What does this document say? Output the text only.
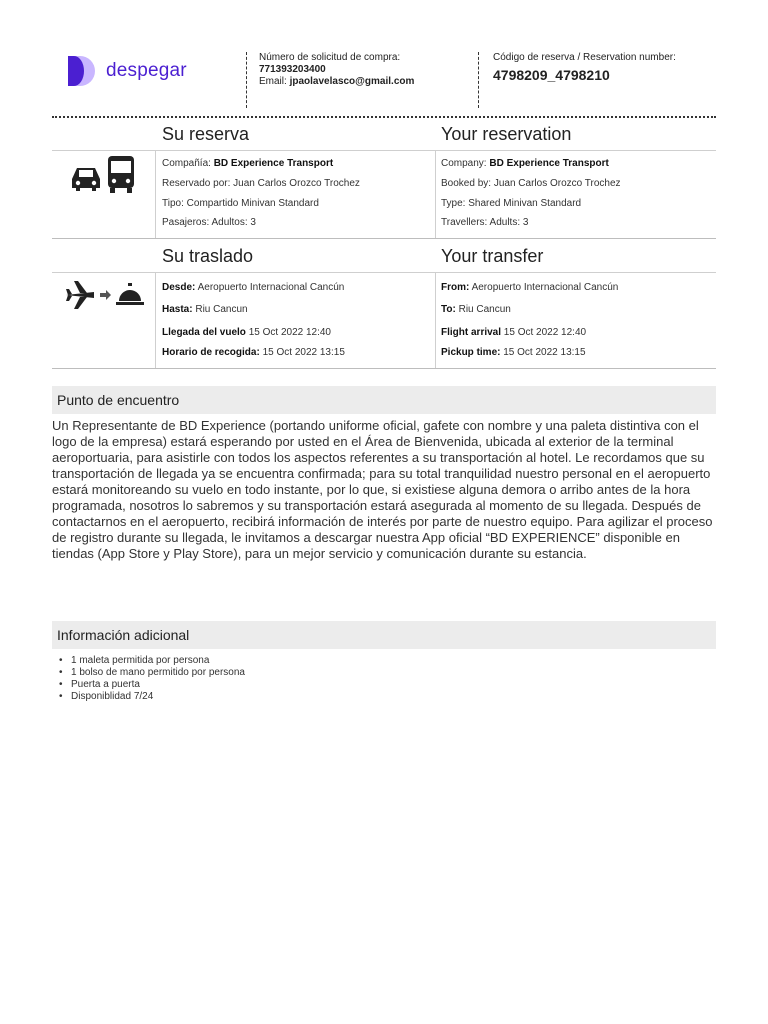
despegar
Número de solicitud de compra:
771393203400
Email: jpaolavelasco@gmail.com
Código de reserva / Reservation number:
4798209_4798210
Su reserva	Your reservation
Compañía: BD Experience Transport
Reservado por: Juan Carlos Orozco Trochez
Tipo: Compartido Minivan Standard
Pasajeros: Adultos: 3
Company: BD Experience Transport
Booked by: Juan Carlos Orozco Trochez
Type: Shared Minivan Standard
Travellers: Adults: 3
Su traslado	Your transfer
Desde: Aeropuerto Internacional Cancún
Hasta: Riu Cancun
Llegada del vuelo 15 Oct 2022 12:40
Horario de recogida: 15 Oct 2022 13:15
From: Aeropuerto Internacional Cancún
To: Riu Cancun
Flight arrival 15 Oct 2022 12:40
Pickup time: 15 Oct 2022 13:15
Punto de encuentro
Un Representante de BD Experience (portando uniforme oficial, gafete con nombre y una paleta distintiva con el logo de la empresa) estará esperando por usted en el Área de Bienvenida, ubicada al exterior de la terminal aeroportuaria, para asistirle con todos los aspectos referentes a su transportación al hotel. Le recordamos que su transportación de llegada ya se encuentra confirmada; para su total tranquilidad nuestro personal en el aeropuerto estará monitoreando su vuelo en todo instante, por lo que, si existiese alguna demora o arribo antes de la hora programada, nosotros lo sabremos y su transportación estará asegurada al momento de su llegada. Después de contactarnos en el aeropuerto, recibirá información de interés por parte de nuestro equipo. Para agilizar el proceso de registro durante su llegada, le invitamos a descargar nuestra App oficial “BD EXPERIENCE” disponible en tiendas (App Store y Play Store), para un mejor servicio y comunicación durante su estancia.
Información adicional
• 1 maleta permitida por persona
• 1 bolso de mano permitido por persona
• Puerta a puerta
• Disponiblidad 7/24
